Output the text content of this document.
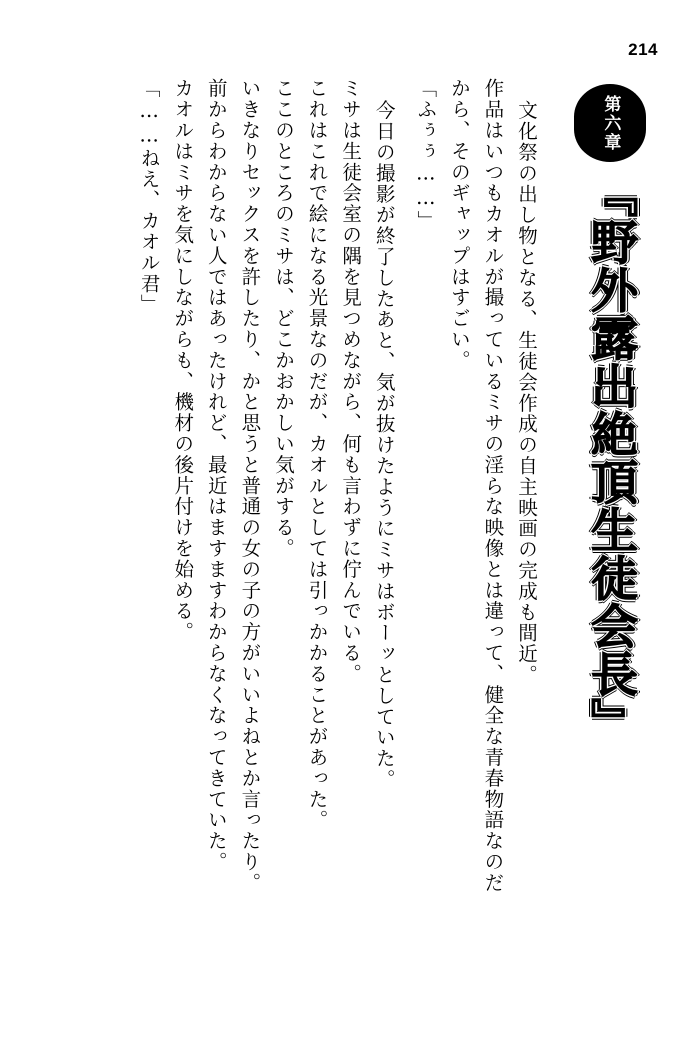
214
第六章
『野外露出絶頂生徒会長』
文化祭の出し物となる、生徒会作成の自主映画の完成も間近。
作品はいつもカオルが撮っているミサの淫らな映像とは違って、健全な青春物語なのだ
から、そのギャップはすごい。
「ふぅぅ……」
今日の撮影が終了したあと、気が抜けたようにミサはボーッとしていた。
ミサは生徒会室の隅を見つめながら、何も言わずに佇んでいる。
これはこれで絵になる光景なのだが、カオルとしては引っかかることがあった。
ここのところのミサは、どこかおかしい気がする。
いきなりセックスを許したり、かと思うと普通の女の子の方がいいよねとか言ったり。
前からわからない人ではあったけれど、最近はますますわからなくなってきていた。
カオルはミサを気にしながらも、機材の後片付けを始める。
「……ねえ、カオル君」
